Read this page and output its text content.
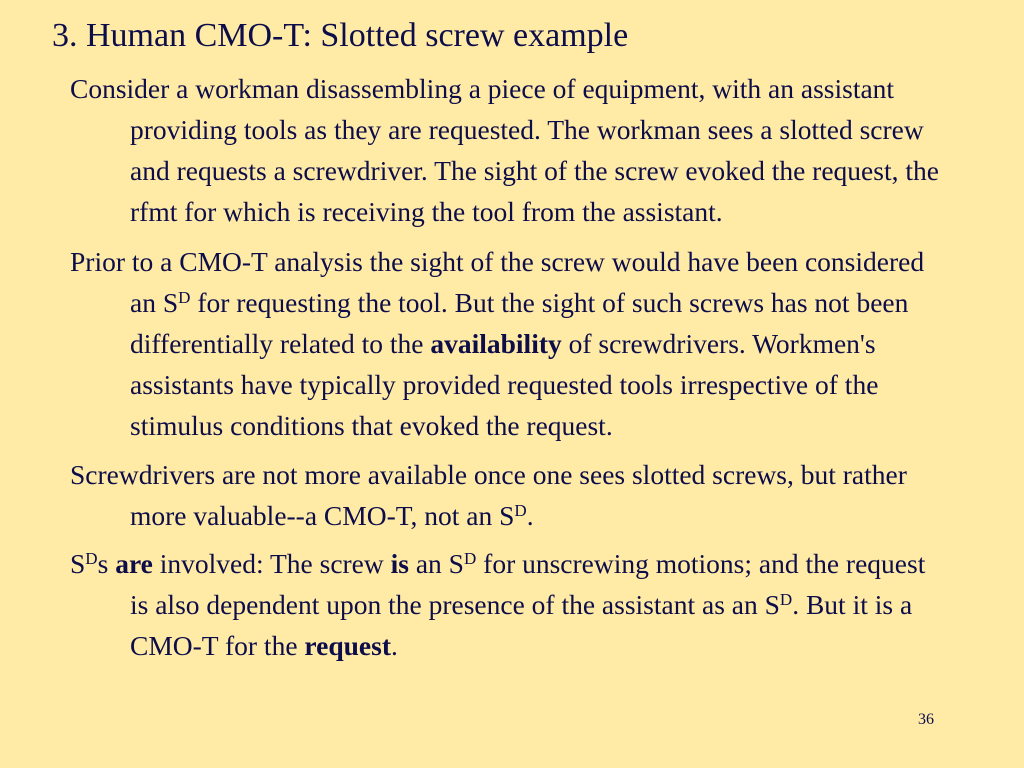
3. Human CMO-T: Slotted screw example

Consider a workman disassembling a piece of equipment, with an assistant providing tools as they are requested. The workman sees a slotted screw and requests a screwdriver. The sight of the screw evoked the request, the rfmt for which is receiving the tool from the assistant.

Prior to a CMO-T analysis the sight of the screw would have been considered an $S^D$ for requesting the tool. But the sight of such screws has not been differentially related to the availability of screwdrivers. Workmen's assistants have typically provided requested tools irrespective of the stimulus conditions that evoked the request.

Screwdrivers are not more available once one sees slotted screws, but rather more valuable--a CMO-T, not an $S^D$.

$S^Ds$ are involved: The screw is an $S^D$ for unscrewing motions; and the request is also dependent upon the presence of the assistant as an $S^D$. But it is a CMO-T for the request.

36
